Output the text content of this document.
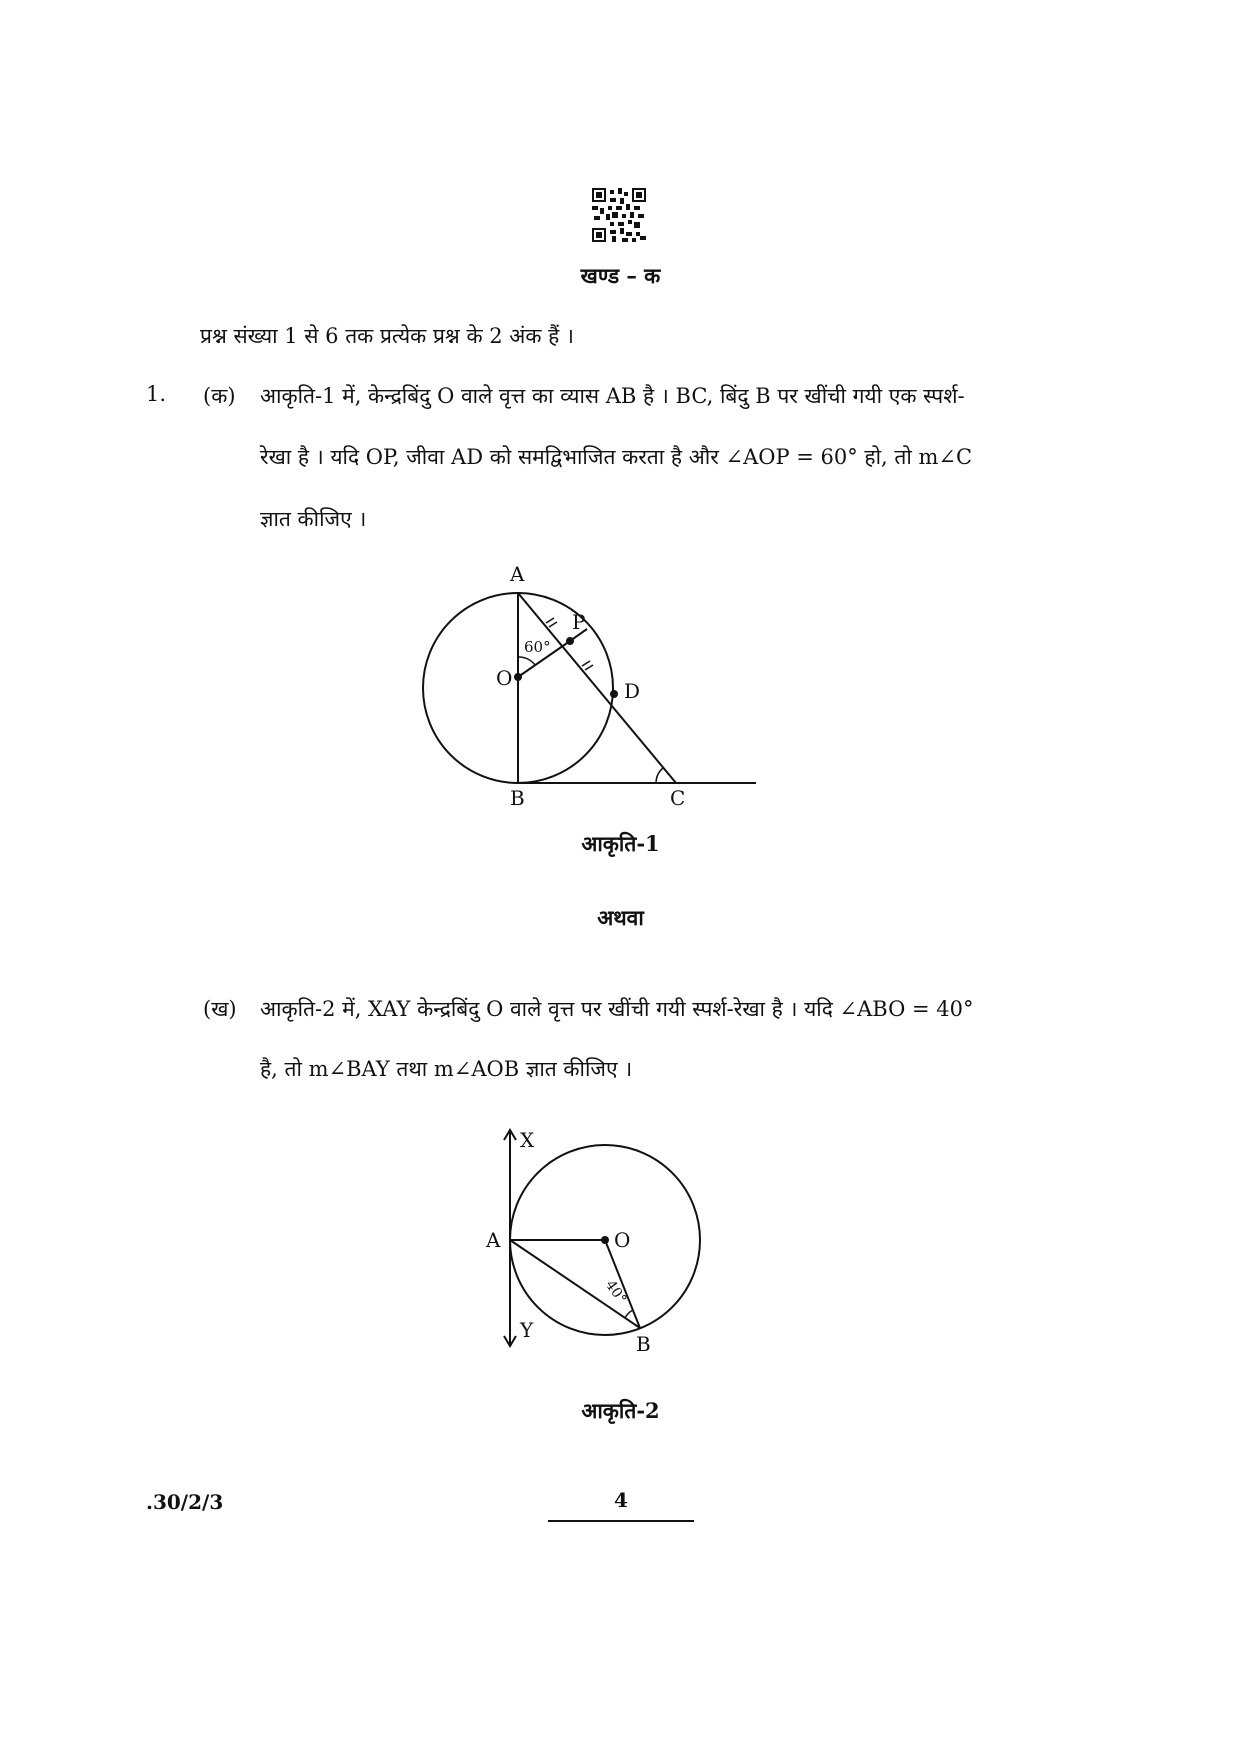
खण्ड – क
प्रश्न संख्या 1 से 6 तक प्रत्येक प्रश्न के 2 अंक हैं ।
1. (क) आकृति-1 में, केन्द्रबिंदु O वाले वृत्त का व्यास AB है । BC, बिंदु B पर खींची गयी एक स्पर्श-
रेखा है । यदि OP, जीवा AD को समद्विभाजित करता है और ∠AOP = 60° हो, तो m∠C
ज्ञात कीजिए ।
A
P
60°
O
D
B	C
आकृति-1
अथवा
(ख) आकृति-2 में, XAY केन्द्रबिंदु O वाले वृत्त पर खींची गयी स्पर्श-रेखा है । यदि ∠ABO = 40°
है, तो m∠BAY तथा m∠AOB ज्ञात कीजिए ।
X
A	O
40°
Y
B
आकृति-2
.30/2/3	4
